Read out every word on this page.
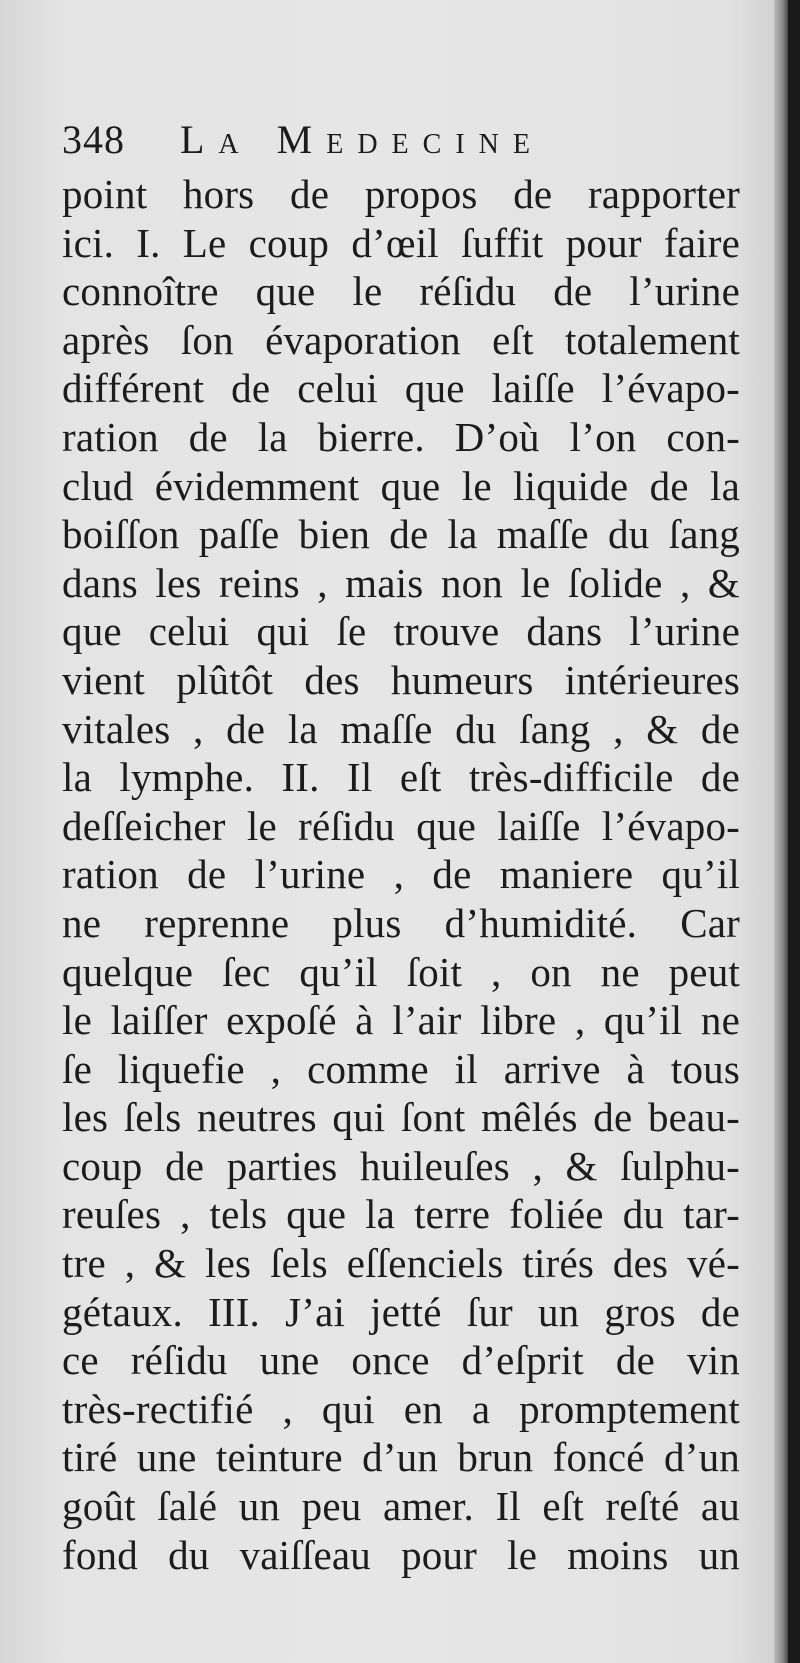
348	La Medecine
point hors de propos de rapporter
ici. I. Le coup d’œil ſuffit pour faire
connoître que le réſidu de l’urine
après ſon évaporation eſt totalement
différent de celui que laiſſe l’évapo-
ration de la bierre. D’où l’on con-
clud évidemment que le liquide de la
boiſſon paſſe bien de la maſſe du ſang
dans les reins , mais non le ſolide , &
que celui qui ſe trouve dans l’urine
vient plûtôt des humeurs intérieures
vitales , de la maſſe du ſang , & de
la lymphe. II. Il eſt très-difficile de
deſſeicher le réſidu que laiſſe l’évapo-
ration de l’urine , de maniere qu’il
ne reprenne plus d’humidité. Car
quelque ſec qu’il ſoit , on ne peut
le laiſſer expoſé à l’air libre , qu’il ne
ſe liquefie , comme il arrive à tous
les ſels neutres qui ſont mêlés de beau-
coup de parties huileuſes , & ſulphu-
reuſes , tels que la terre foliée du tar-
tre , & les ſels eſſenciels tirés des vé-
gétaux. III. J’ai jetté ſur un gros de
ce réſidu une once d’eſprit de vin
très-rectifié , qui en a promptement
tiré une teinture d’un brun foncé d’un
goût ſalé un peu amer. Il eſt reſté au
fond du vaiſſeau pour le moins un
